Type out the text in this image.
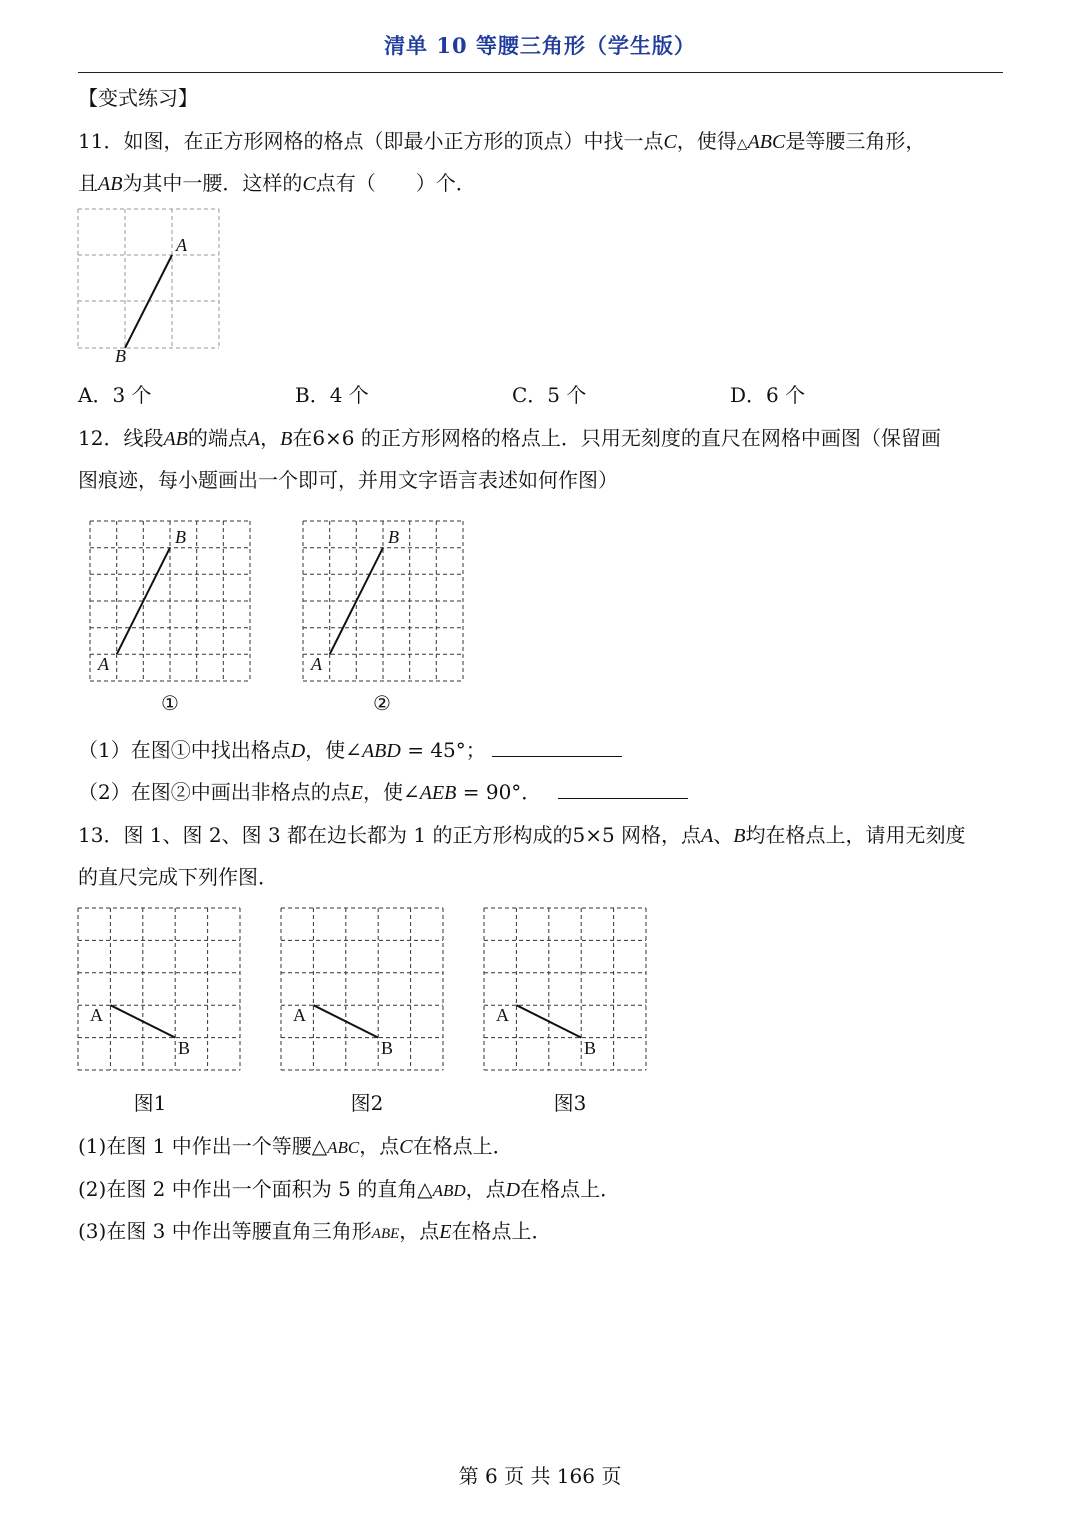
清单 10 等腰三角形（学生版）
【变式练习】
11．如图，在正方形网格的格点（即最小正方形的顶点）中找一点C，使得△ABC是等腰三角形，
且AB为其中一腰．这样的C点有（　　）个．
A
B
A．3 个	B．4 个	C．5 个	D．6 个
12．线段AB的端点A，B在6×6 的正方形网格的格点上．只用无刻度的直尺在网格中画图（保留画
图痕迹，每小题画出一个即可，并用文字语言表述如何作图）
B
A
B
A
①	②
（1）在图①中找出格点D，使∠ABD = 45°；
（2）在图②中画出非格点的点E，使∠AEB = 90°．
13．图 1、图 2、图 3 都在边长都为 1 的正方形构成的5×5 网格，点A、B均在格点上，请用无刻度
的直尺完成下列作图．
A
B
A
B
A
B
图1	图2	图3
(1)在图 1 中作出一个等腰△ABC，点C在格点上．
(2)在图 2 中作出一个面积为 5 的直角△ABD，点D在格点上．
(3)在图 3 中作出等腰直角三角形ABE，点E在格点上．
第 6 页 共 166 页
